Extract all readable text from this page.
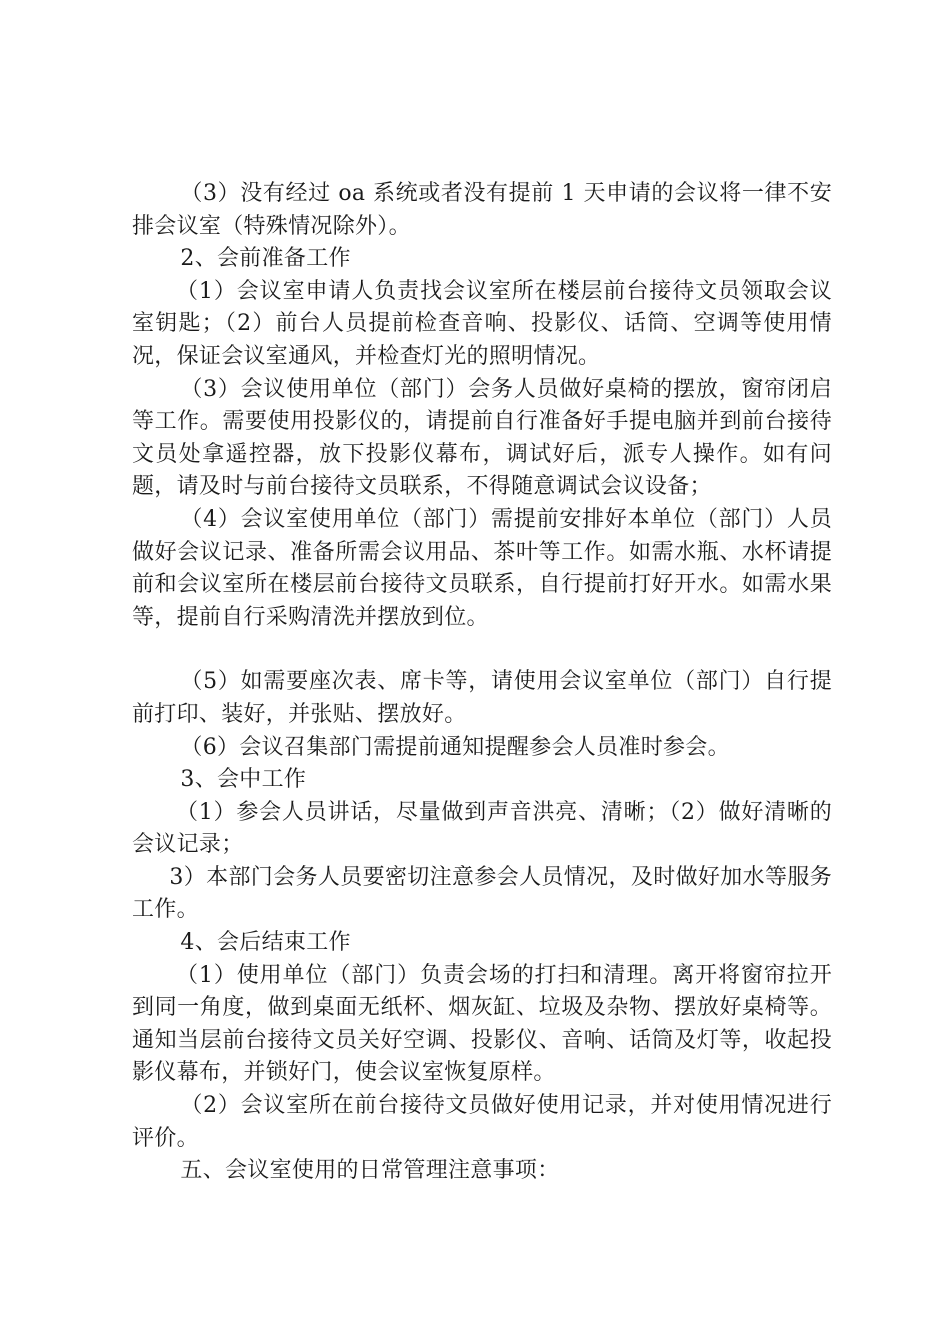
（3）没有经过 oa 系统或者没有提前 1 天申请的会议将一律不安排会议室（特殊情况除外）。

2、会前准备工作

（1）会议室申请人负责找会议室所在楼层前台接待文员领取会议室钥匙；（2）前台人员提前检查音响、投影仪、话筒、空调等使用情况，保证会议室通风，并检查灯光的照明情况。

（3）会议使用单位（部门）会务人员做好桌椅的摆放，窗帘闭启等工作。需要使用投影仪的，请提前自行准备好手提电脑并到前台接待文员处拿遥控器，放下投影仪幕布，调试好后，派专人操作。如有问题，请及时与前台接待文员联系，不得随意调试会议设备；

（4）会议室使用单位（部门）需提前安排好本单位（部门）人员做好会议记录、准备所需会议用品、茶叶等工作。如需水瓶、水杯请提前和会议室所在楼层前台接待文员联系，自行提前打好开水。如需水果等，提前自行采购清洗并摆放到位。

（5）如需要座次表、席卡等，请使用会议室单位（部门）自行提前打印、装好，并张贴、摆放好。

（6）会议召集部门需提前通知提醒参会人员准时参会。

3、会中工作

（1）参会人员讲话，尽量做到声音洪亮、清晰；（2）做好清晰的会议记录；

3）本部门会务人员要密切注意参会人员情况，及时做好加水等服务工作。

4、会后结束工作

（1）使用单位（部门）负责会场的打扫和清理。离开将窗帘拉开到同一角度，做到桌面无纸杯、烟灰缸、垃圾及杂物、摆放好桌椅等。通知当层前台接待文员关好空调、投影仪、音响、话筒及灯等，收起投影仪幕布，并锁好门，使会议室恢复原样。

（2）会议室所在前台接待文员做好使用记录，并对使用情况进行评价。

五、会议室使用的日常管理注意事项：
